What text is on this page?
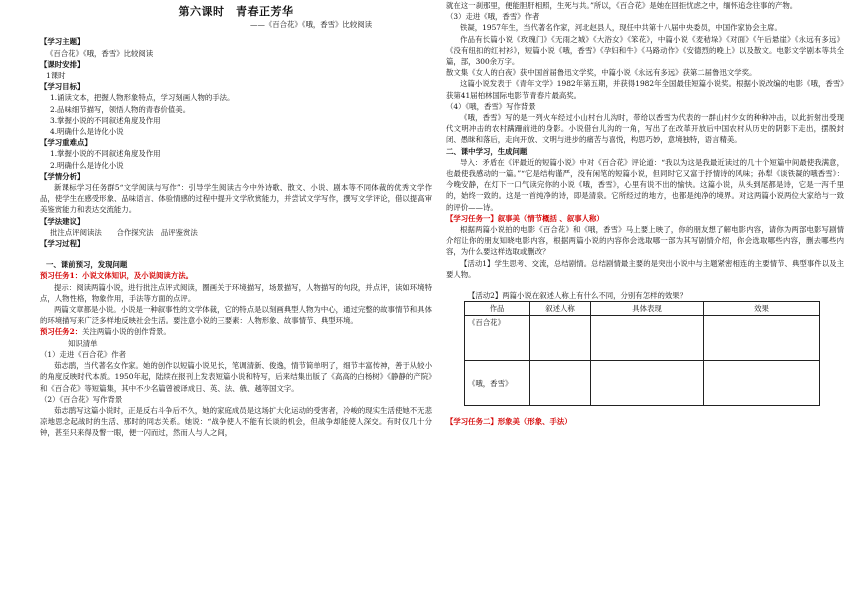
第六课时　青春正芳华

——《百合花》《哦，香雪》比较阅读

【学习主题】

《百合花》《哦，香雪》比较阅读

【课时安排】

1课时

【学习目标】

1.诵读文本，把握人物形象特点，学习刻画人物的手法。

2.品味细节描写，领悟人物的青春价值美。

3.掌握小说的不同叙述角度及作用

4.明确什么是诗化小说

【学习重难点】

1.掌握小说的不同叙述角度及作用

2.明确什么是诗化小说

【学情分析】

新课标学习任务群5“文学阅读与写作”：引导学生阅读古今中外诗歌、散文、小说、剧本等不同体裁的优秀文学作品，使学生在感受形象、品味语言、体验情感的过程中提升文学欣赏能力，并尝试文学写作，撰写文学评论，借以提高审美鉴赏能力和表达交流能力。

【学法建议】

批注点评阅读法　　合作探究法　品评鉴赏法

【学习过程】

一、课前预习，发现问题

预习任务1：小说文体知识，及小说阅读方法。

提示：阅读两篇小说，进行批注点评式阅读，圈画关于环境描写，场景描写，人物描写的句段，并点评，读如环境特点，人物性格，物象作用，手法等方面的点评。

两篇文章都是小说。小说是一种叙事性的文学体裁，它的特点是以刻画典型人物为中心，通过完整的故事情节和具体的环境描写来广泛多样地反映社会生活。要注意小说的三要素：人物形象、故事情节、典型环境。

预习任务2：关注两篇小说的创作背景。

知识清单

（1）走进《百合花》作者

茹志鹃，当代著名女作家。她的创作以短篇小说见长，笔调清新、俊逸，情节简单明了，细节丰富传神，善于从较小的角度反映时代本质。1950年起，陆续在报刊上发表短篇小说和特写，后来结集出版了《高高的白杨树》《静静的产院》和《百合花》等短篇集，其中不少名篇曾被译成日、英、法、俄、越等国文字。

（2）《百合花》写作背景

茹志鹃写这篇小说时，正是反右斗争后不久，她的家庭成员是这场扩大化运动的受害者，冷峻的现实生活使她不无悲凉地思念起战时的生活、那时的同志关系。她说：“战争使人不能有长谈的机会，但战争却能使人深交。有时仅几十分钟，甚至只来得及瞥一眼，便一闪而过，然而人与人之间，

就在这一刹那里，便能胆肝相照，生死与共。”所以，《百合花》是她在回拒忧虑之中，缅怀追念往事的产物。

（3）走进《哦，香雪》作者

铁凝，1957年生，当代著名作家，河北赵县人，现任中共第十八届中央委员，中国作家协会主席。

作品有长篇小说《玫瑰门》《无雨之城》《大浴女》《笨花》，中篇小说《麦秸垛》《对面》《午后悬崖》《永远有多远》《没有纽扣的红衬衫》，短篇小说《哦，香雪》《孕妇和牛》《马路动作》《安德烈的晚上》以及散文。电影文学剧本等共全篇，部，300余万字。

散文集《女人的白夜》获中国首届鲁迅文学奖，中篇小说《永远有多远》获第二届鲁迅文学奖。

这篇小说发表于《青年文学》1982年第五期，并获得1982年全国最佳短篇小说奖。根据小说改编的电影《哦，香雪》获第41届柏林国际电影节青春片最高奖。

（4）《哦，香雪》写作背景

《哦，香雪》写的是一列火车经过小山村台儿沟时，带给以香雪为代表的一群山村少女的种种冲击，以此折射出受现代文明冲击的农村蹒跚前进的身影。小说借台儿沟的一角，写出了在改革开放后中国农村从历史的阴影下走出，摆脱封闭、愚昧和落后，走向开放、文明与进步的痛苦与喜悦，构思巧妙，意境独特，语言精美。

二、课中学习，生成问题

导入：矛盾在《评最近的短篇小说》中对《百合花》评论道：“我以为这是我最近读过的几十个短篇中间最使我满意，也最使我感动的一篇。”“它是结构谨严，没有闲笔的短篇小说，但同时它又富于抒情诗的风味；孙犁《谈铁凝的哦香雪》：今晚安静，在灯下一口气读完你的小说《哦，香雪》，心里有说不出的愉快。这篇小说，从头到尾都是诗，它是一泻千里的，始终一致的。这是一首纯净的诗，即是清泉。它所经过的地方，也都是纯净的境界。对这两篇小说两位大家给与一致的评价——诗。

【学习任务一】叙事美（情节概括 、叙事人称）

根据两篇小说拍的电影《百合花》和《哦，香雪》马上要上映了，你的朋友想了解电影内容，请你为两部电影写剧情介绍让你的朋友知晓电影内容，根据两篇小说的内容你会选取哪一部为其写剧情介绍，你会选取哪些内容，删去哪些内容，为什么要这样选取或删改？

【活动1】学生思考、交流，总结剧情。总结剧情最主要的是突出小说中与主题紧密相连的主要情节、典型事件以及主要人物。

【活动2】两篇小说在叙述人称上有什么不同，分别有怎样的效果？

作品	叙述人称	具体表现	效果
《百合花》			
《哦，香雪》			

【学习任务二】形象美（形象、手法）
